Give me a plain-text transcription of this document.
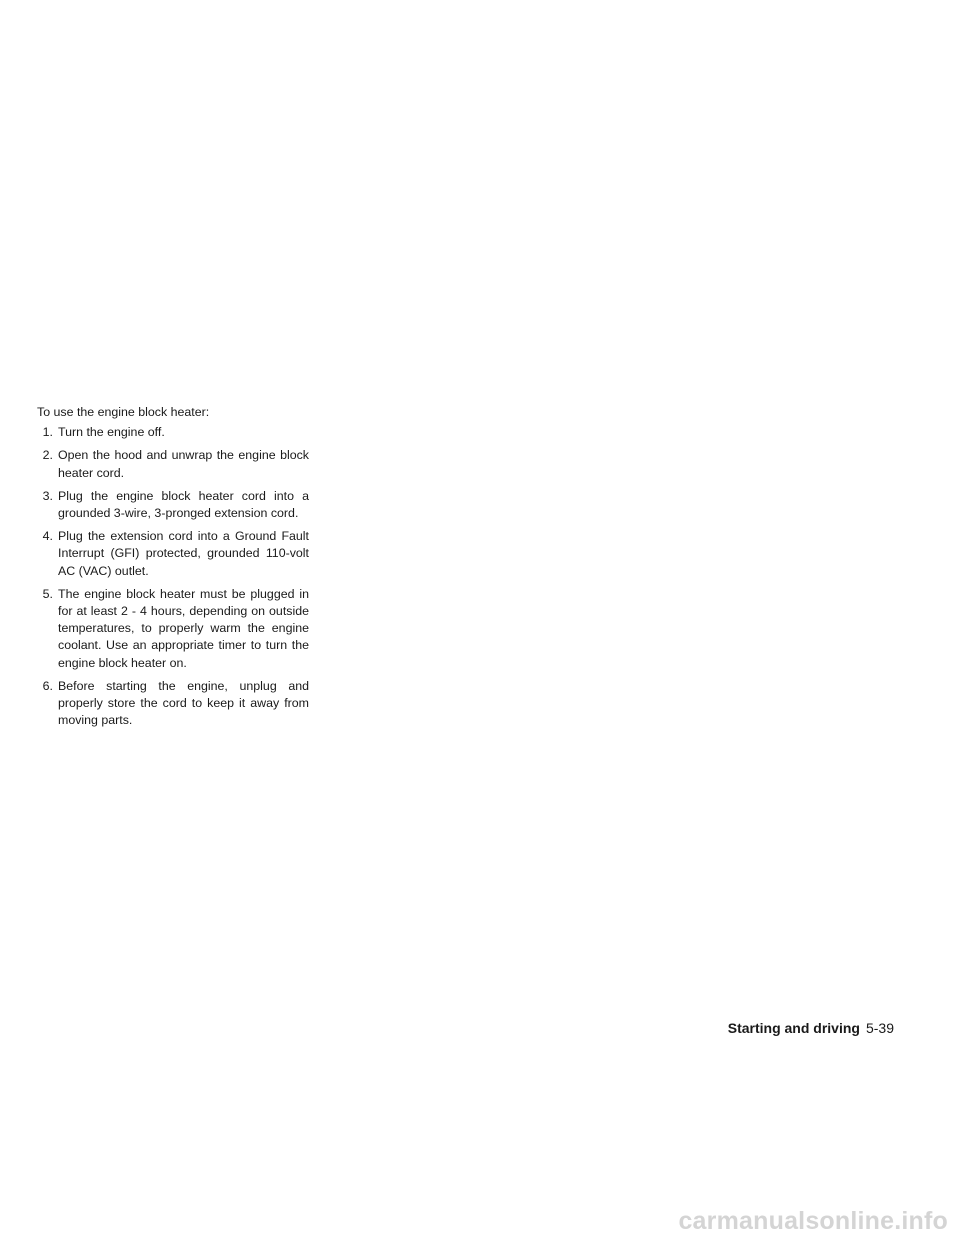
To use the engine block heater:

1. Turn the engine off.
2. Open the hood and unwrap the engine block heater cord.
3. Plug the engine block heater cord into a grounded 3-wire, 3-pronged extension cord.
4. Plug the extension cord into a Ground Fault Interrupt (GFI) protected, grounded 110-volt AC (VAC) outlet.
5. The engine block heater must be plugged in for at least 2 - 4 hours, depending on outside temperatures, to properly warm the engine coolant. Use an appropriate timer to turn the engine block heater on.
6. Before starting the engine, unplug and properly store the cord to keep it away from moving parts.
Starting and driving 5-39
carmanualsonline.info
